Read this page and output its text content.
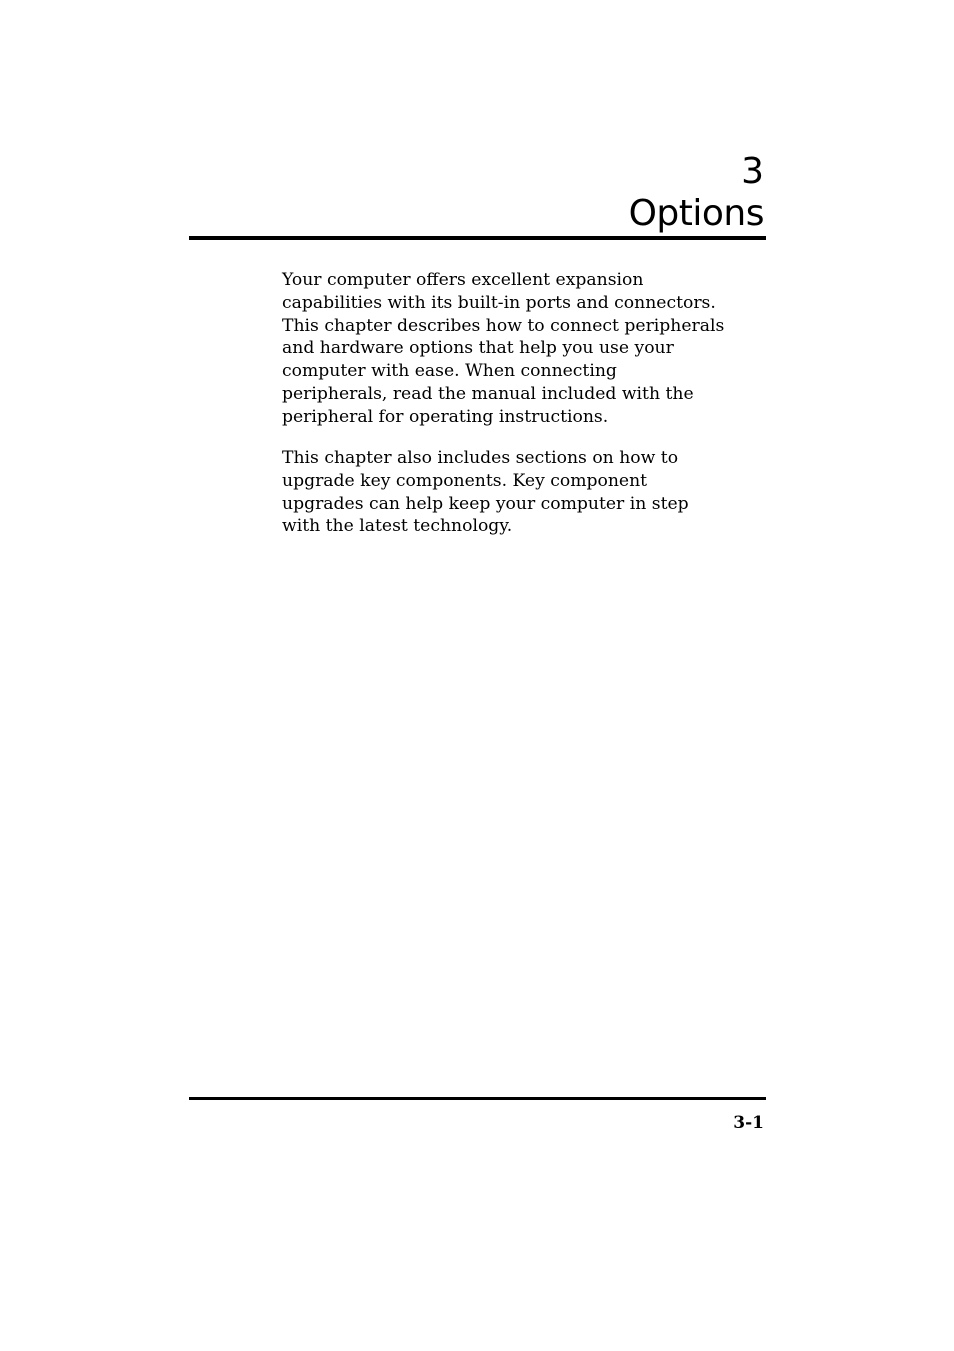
3
Options

Your computer offers excellent expansion
capabilities with its built-in ports and connectors.
This chapter describes how to connect peripherals
and hardware options that help you use your
computer with ease. When connecting
peripherals, read the manual included with the
peripheral for operating instructions.

This chapter also includes sections on how to
upgrade key components. Key component
upgrades can help keep your computer in step
with the latest technology.

3-1
